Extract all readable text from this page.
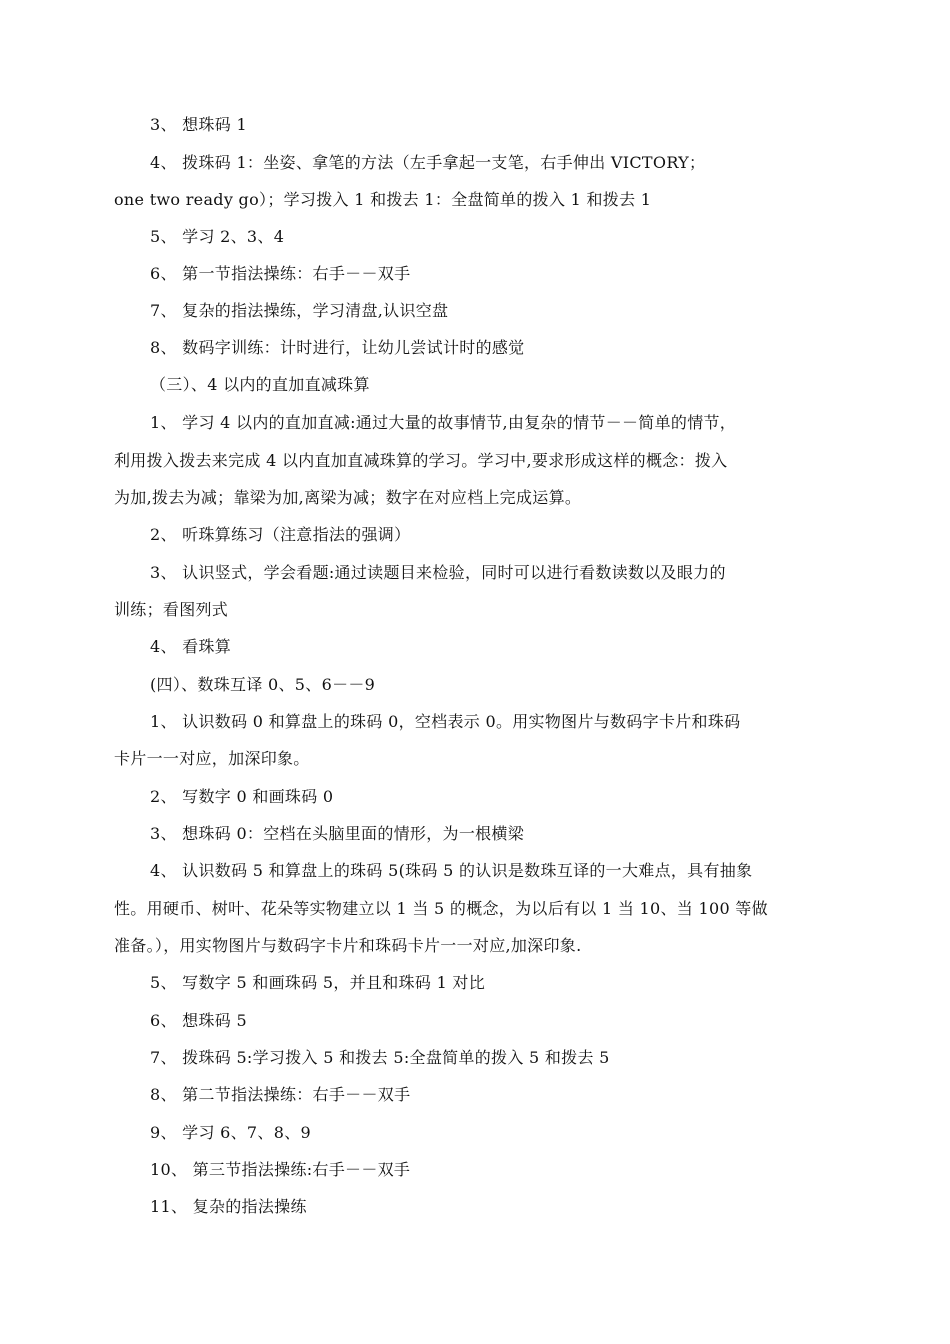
3、 想珠码 1
4、 拨珠码 1：坐姿、拿笔的方法（左手拿起一支笔，右手伸出 VICTORY；
one two ready go）；学习拨入 1 和拨去 1：全盘简单的拨入 1 和拨去 1
5、 学习 2、3、4
6、 第一节指法操练：右手－－双手
7、 复杂的指法操练，学习清盘,认识空盘
8、 数码字训练：计时进行，让幼儿尝试计时的感觉
（三）、4 以内的直加直减珠算
1、 学习 4 以内的直加直减:通过大量的故事情节,由复杂的情节－－简单的情节，
利用拨入拨去来完成 4 以内直加直减珠算的学习。学习中,要求形成这样的概念：拨入
为加,拨去为减；靠梁为加,离梁为减；数字在对应档上完成运算。
2、 听珠算练习（注意指法的强调）
3、 认识竖式，学会看题:通过读题目来检验，同时可以进行看数读数以及眼力的
训练；看图列式
4、 看珠算
(四）、数珠互译 0、5、6－－9
1、 认识数码 0 和算盘上的珠码 0，空档表示 0。用实物图片与数码字卡片和珠码
卡片一一对应，加深印象。
2、 写数字 0 和画珠码 0
3、 想珠码 0：空档在头脑里面的情形，为一根横梁
4、 认识数码 5 和算盘上的珠码 5(珠码 5 的认识是数珠互译的一大难点，具有抽象
性。用硬币、树叶、花朵等实物建立以 1 当 5 的概念，为以后有以 1 当 10、当 100 等做
准备。），用实物图片与数码字卡片和珠码卡片一一对应,加深印象.
5、 写数字 5 和画珠码 5，并且和珠码 1 对比
6、 想珠码 5
7、 拨珠码 5:学习拨入 5 和拨去 5:全盘简单的拨入 5 和拨去 5
8、 第二节指法操练：右手－－双手
9、 学习 6、7、8、9
10、 第三节指法操练:右手－－双手
11、 复杂的指法操练
